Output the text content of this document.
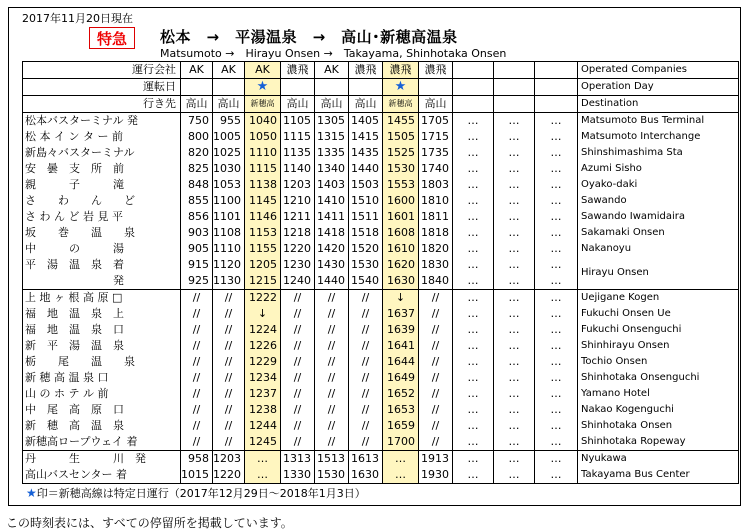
2017年11月20日現在
特急	松本　→　平湯温泉　→　高山･新穂高温泉
Matsumoto →　Hirayu Onsen →　Takayama, Shinhotaka Onsen
運行会社	AK	AK	AK	濃飛	AK	濃飛	濃飛	濃飛				Operated Companies
運転日			★				★					Operation Day
行き先	高山	高山	新穂高	高山	高山	高山	新穂高	高山				Destination
松本バスターミナル 発	750	955	1040	1105	1305	1405	1455	1705	…	…	…	Matsumoto Bus Terminal
松 本 イ ン タ ー 前	800	1005	1050	1115	1315	1415	1505	1715	…	…	…	Matsumoto Interchange
新島々バスターミナル	820	1025	1110	1135	1335	1435	1525	1735	…	…	…	Shinshimashima Sta
安　曇　支　所　前	825	1030	1115	1140	1340	1440	1530	1740	…	…	…	Azumi Sisho
親　　　子　　　滝	848	1053	1138	1203	1403	1503	1553	1803	…	…	…	Oyako-daki
さ　　わ　　ん　　ど	855	1100	1145	1210	1410	1510	1600	1810	…	…	…	Sawando
さ わ ん ど 岩 見 平	856	1101	1146	1211	1411	1511	1601	1811	…	…	…	Sawando Iwamidaira
坂　　巻　　温　　泉	903	1108	1153	1218	1418	1518	1608	1818	…	…	…	Sakamaki Onsen
中　　　の　　　湯	905	1110	1155	1220	1420	1520	1610	1820	…	…	…	Nakanoyu
平　湯　温　泉　着	915	1120	1205	1230	1430	1530	1620	1830	…	…	…	Hirayu Onsen
　　　　　　　　発	925	1130	1215	1240	1440	1540	1630	1840	…	…	…	
上 地 ヶ 根 高 原 □	//	//	1222	//	//	//	↓	//	…	…	…	Uejigane Kogen
福　地　温　泉　上	//	//	↓	//	//	//	1637	//	…	…	…	Fukuchi Onsen Ue
福　地　温　泉　口	//	//	1224	//	//	//	1639	//	…	…	…	Fukuchi Onsenguchi
新　平　湯　温　泉	//	//	1226	//	//	//	1641	//	…	…	…	Shinhirayu Onsen
栃　　尾　　温　　泉	//	//	1229	//	//	//	1644	//	…	…	…	Tochio Onsen
新 穂 高 温 泉 口	//	//	1234	//	//	//	1649	//	…	…	…	Shinhotaka Onsenguchi
山 の ホ テ ル 前	//	//	1237	//	//	//	1652	//	…	…	…	Yamano Hotel
中　尾　高　原　口	//	//	1238	//	//	//	1653	//	…	…	…	Nakao Kogenguchi
新　穂　高　温　泉	//	//	1244	//	//	//	1659	//	…	…	…	Shinhotaka Onsen
新穂高ロープウェイ 着	//	//	1245	//	//	//	1700	//	…	…	…	Shinhotaka Ropeway
丹　　　生　　　川　発	958	1203	…	1313	1513	1613	…	1913	…	…	…	Nyukawa
高山バスセンター 着	1015	1220	…	1330	1530	1630	…	1930	…	…	…	Takayama Bus Center
★印＝新穂高線は特定日運行（2017年12月29日～2018年1月3日）
この時刻表には、すべての停留所を掲載しています。
